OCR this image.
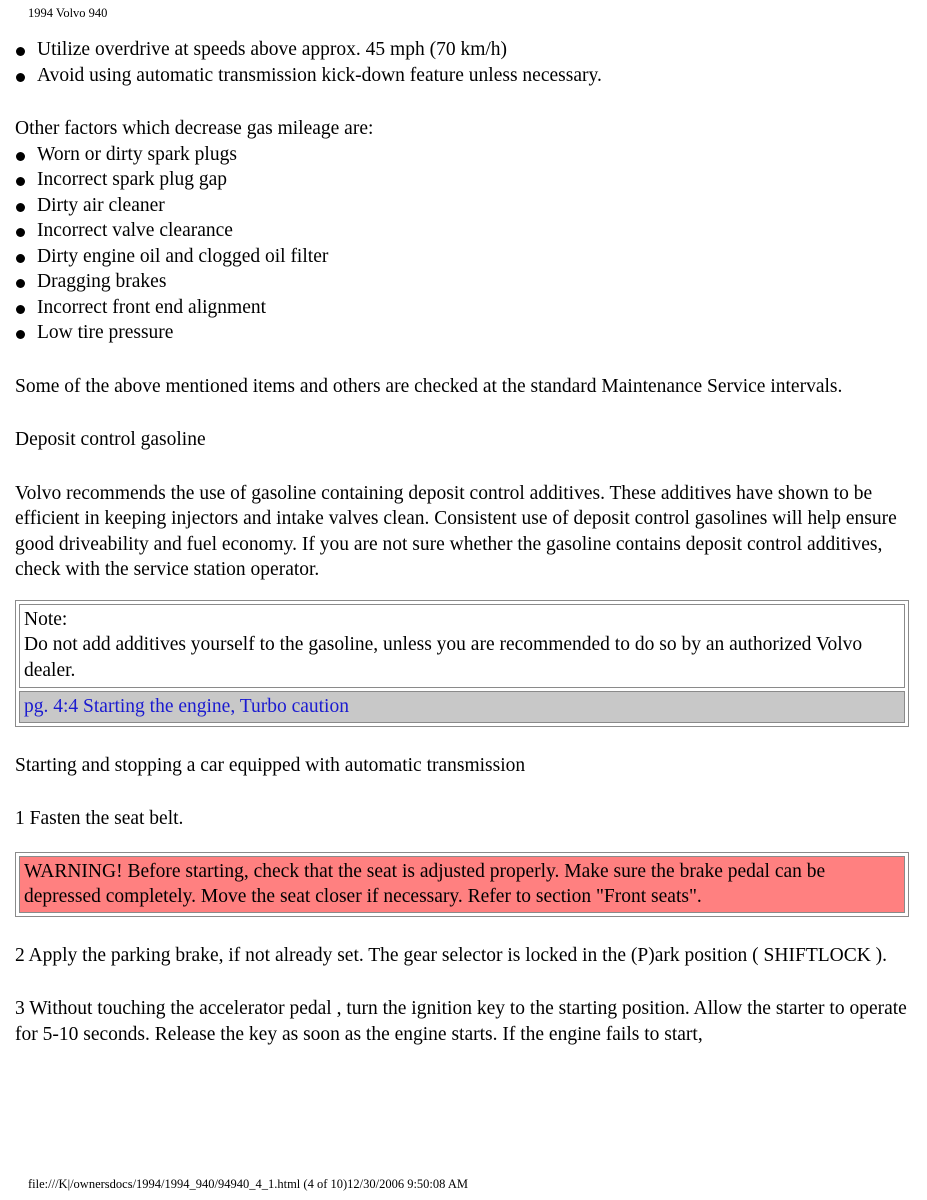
1994 Volvo 940
Utilize overdrive at speeds above approx. 45 mph (70 km/h)
Avoid using automatic transmission kick-down feature unless necessary.

Other factors which decrease gas mileage are:

Worn or dirty spark plugs
Incorrect spark plug gap
Dirty air cleaner
Incorrect valve clearance
Dirty engine oil and clogged oil filter
Dragging brakes
Incorrect front end alignment
Low tire pressure

Some of the above mentioned items and others are checked at the standard Maintenance Service intervals.

Deposit control gasoline

Volvo recommends the use of gasoline containing deposit control additives. These additives have shown to be efficient in keeping injectors and intake valves clean. Consistent use of deposit control gasolines will help ensure good driveability and fuel economy. If you are not sure whether the gasoline contains deposit control additives, check with the service station operator.

Note:
Do not add additives yourself to the gasoline, unless you are recommended to do so by an authorized Volvo dealer.
pg. 4:4 Starting the engine, Turbo caution

Starting and stopping a car equipped with automatic transmission

1 Fasten the seat belt.

WARNING! Before starting, check that the seat is adjusted properly. Make sure the brake pedal can be depressed completely. Move the seat closer if necessary. Refer to section "Front seats".

2 Apply the parking brake, if not already set. The gear selector is locked in the (P)ark position ( SHIFTLOCK ).

3 Without touching the accelerator pedal , turn the ignition key to the starting position. Allow the starter to operate for 5-10 seconds. Release the key as soon as the engine starts. If the engine fails to start,

file:///K|/ownersdocs/1994/1994_940/94940_4_1.html (4 of 10)12/30/2006 9:50:08 AM
